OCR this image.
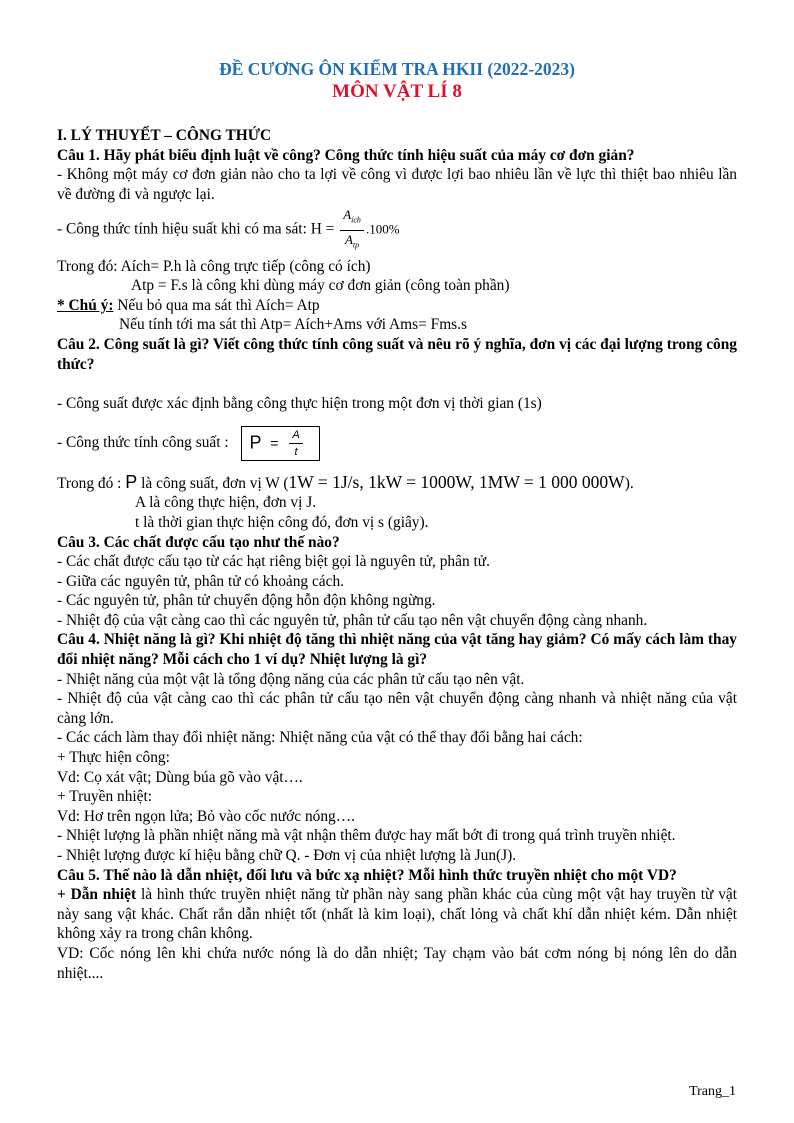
ĐỀ CƯƠNG ÔN KIỂM TRA HKII (2022-2023)
MÔN VẬT LÍ 8

I. LÝ THUYẾT – CÔNG THỨC

Câu 1. Hãy phát biểu định luật về công? Công thức tính hiệu suất của máy cơ đơn giản?

- Không một máy cơ đơn giản nào cho ta lợi về công vì được lợi bao nhiêu lần về lực thì thiệt bao nhiêu lần về đường đi và ngược lại.

- Công thức tính hiệu suất khi có ma sát: $H = \frac{A_{ích}}{A_{tp}} .100\%$

Trong đó: Aích= P.h là công trực tiếp (công có ích)

Atp = F.s là công khi dùng máy cơ đơn giản (công toàn phần)

* Chú ý: Nếu bỏ qua ma sát thì Aích= Atp

Nếu tính tới ma sát thì Atp= Aích+Ams với Ams= Fms.s

Câu 2. Công suất là gì? Viết công thức tính công suất và nêu rõ ý nghĩa, đơn vị các đại lượng trong công thức?

- Công suất được xác định bằng công thực hiện trong một đơn vị thời gian (1s)

- Công thức tính công suất : $P = \frac{A}{t}$

Trong đó : P là công suất, đơn vị W (1W = 1J/s, 1kW = 1000W, 1MW = 1 000 000W).

A là công thực hiện, đơn vị J.

t là thời gian thực hiện công đó, đơn vị s (giây).

Câu 3. Các chất được cấu tạo như thế nào?

- Các chất được cấu tạo từ các hạt riêng biệt gọi là nguyên tử, phân tử.

- Giữa các nguyên tử, phân tử có khoảng cách.

- Các nguyên tử, phân tử chuyển động hỗn độn không ngừng.

- Nhiệt độ của vật càng cao thì các nguyên tử, phân tử cấu tạo nên vật chuyển động càng nhanh.

Câu 4. Nhiệt năng là gì? Khi nhiệt độ tăng thì nhiệt năng của vật tăng hay giảm? Có mấy cách làm thay đổi nhiệt năng? Mỗi cách cho 1 ví dụ? Nhiệt lượng là gì?

- Nhiệt năng của một vật là tổng động năng của các phân tử cấu tạo nên vật.

- Nhiệt độ của vật càng cao thì các phân tử cấu tạo nên vật chuyển động càng nhanh và nhiệt năng của vật càng lớn.

- Các cách làm thay đổi nhiệt năng: Nhiệt năng của vật có thể thay đổi bằng hai cách:

+ Thực hiện công:

Vd: Cọ xát vật; Dùng búa gõ vào vật….

+ Truyền nhiệt:

Vd: Hơ trên ngọn lửa; Bỏ vào cốc nước nóng….

- Nhiệt lượng là phần nhiệt năng mà vật nhận thêm được hay mất bớt đi trong quá trình truyền nhiệt.

- Nhiệt lượng được kí hiệu bằng chữ Q. - Đơn vị của nhiệt lượng là Jun(J).

Câu 5. Thế nào là dẫn nhiệt, đối lưu và bức xạ nhiệt? Mỗi hình thức truyền nhiệt cho một VD?

+ Dẫn nhiệt là hình thức truyền nhiệt năng từ phần này sang phần khác của cùng một vật hay truyền từ vật này sang vật khác. Chất rắn dẫn nhiệt tốt (nhất là kim loại), chất lỏng và chất khí dẫn nhiệt kém. Dẫn nhiệt không xảy ra trong chân không.

VD: Cốc nóng lên khi chứa nước nóng là do dẫn nhiệt; Tay chạm vào bát cơm nóng bị nóng lên do dẫn nhiệt....

Trang_1
